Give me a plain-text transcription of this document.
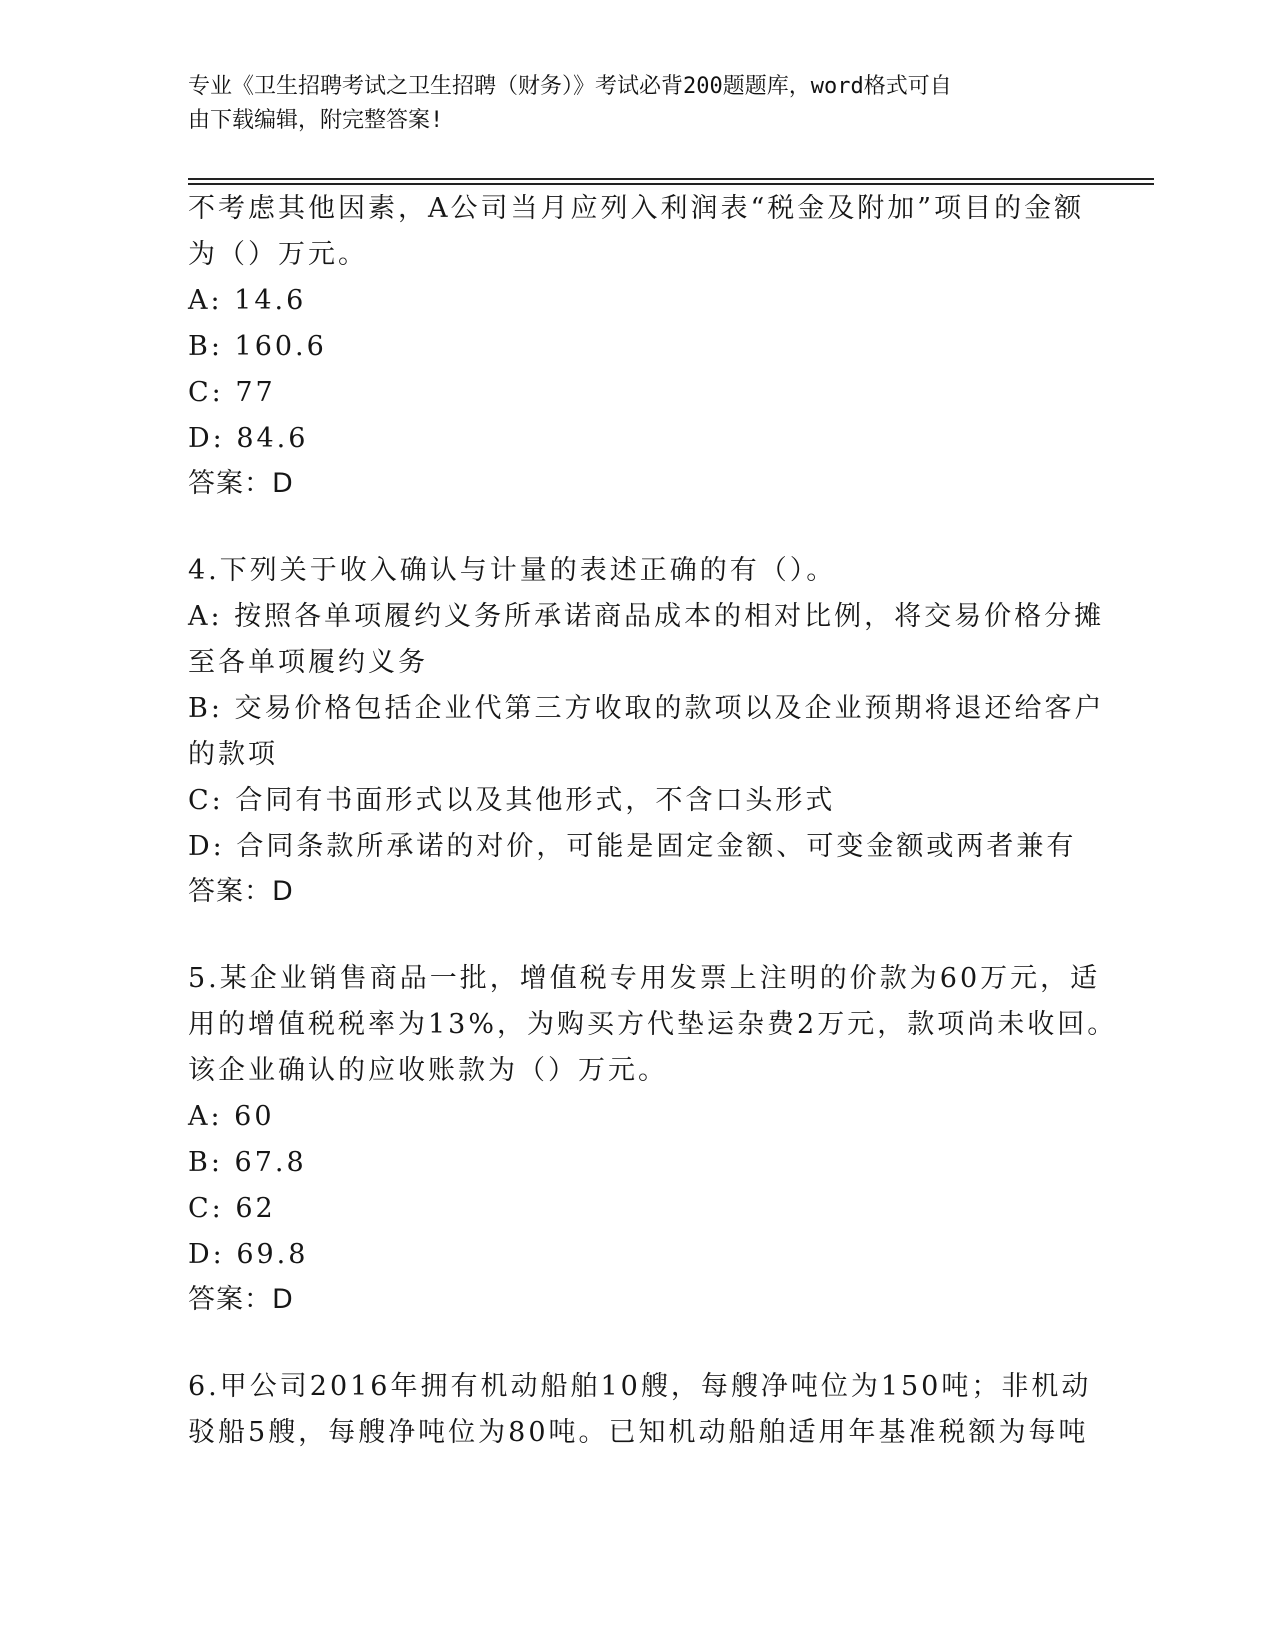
专业《卫生招聘考试之卫生招聘（财务）》考试必背200题题库，word格式可自
由下载编辑，附完整答案!
不考虑其他因素，A公司当月应列入利润表“税金及附加”项目的金额
为（）万元。
A: 14.6
B: 160.6
C: 77
D: 84.6
答案：D
4.下列关于收入确认与计量的表述正确的有（）。
A: 按照各单项履约义务所承诺商品成本的相对比例，将交易价格分摊
至各单项履约义务
B: 交易价格包括企业代第三方收取的款项以及企业预期将退还给客户
的款项
C: 合同有书面形式以及其他形式，不含口头形式
D: 合同条款所承诺的对价，可能是固定金额、可变金额或两者兼有
答案：D
5.某企业销售商品一批，增值税专用发票上注明的价款为60万元，适
用的增值税税率为13%，为购买方代垫运杂费2万元，款项尚未收回。
该企业确认的应收账款为（）万元。
A: 60
B: 67.8
C: 62
D: 69.8
答案：D
6.甲公司2016年拥有机动船舶10艘，每艘净吨位为150吨；非机动
驳船5艘，每艘净吨位为80吨。已知机动船舶适用年基准税额为每吨
